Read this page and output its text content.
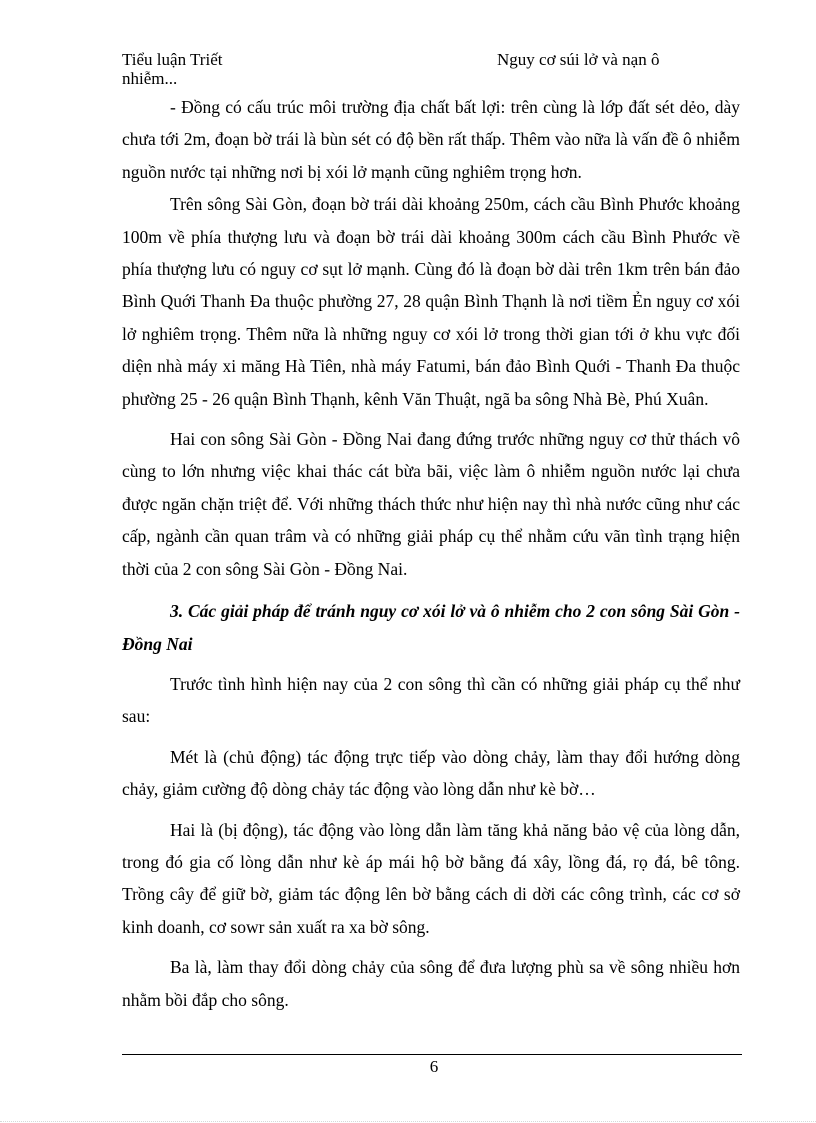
Tiểu luận Triết	Nguy cơ súi lở và nạn ô
nhiễm...

- Đồng có cấu trúc môi trường địa chất bất lợi: trên cùng là lớp đất sét dẻo, dày chưa tới 2m, đoạn bờ trái là bùn sét có độ bền rất thấp. Thêm vào nữa là vấn đề ô nhiễm nguồn nước tại những nơi bị xói lở mạnh cũng nghiêm trọng hơn.

Trên sông Sài Gòn, đoạn bờ trái dài khoảng 250m, cách cầu Bình Phước khoảng 100m về phía thượng lưu và đoạn bờ trái dài khoảng 300m cách cầu Bình Phước về phía thượng lưu có nguy cơ sụt lở mạnh. Cùng đó là đoạn bờ dài trên 1km trên bán đảo Bình Quới Thanh Đa thuộc phường 27, 28 quận Bình Thạnh là nơi tiềm Ẻn nguy cơ xói lở nghiêm trọng. Thêm nữa là những nguy cơ xói lở trong thời gian tới ở khu vực đối diện nhà máy xi măng Hà Tiên, nhà máy Fatumi, bán đảo Bình Quới - Thanh Đa thuộc phường 25 - 26 quận Bình Thạnh, kênh Văn Thuật, ngã ba sông Nhà Bè, Phú Xuân.

Hai con sông Sài Gòn - Đồng Nai đang đứng trước những nguy cơ thử thách vô cùng to lớn nhưng việc khai thác cát bừa bãi, việc làm ô nhiễm nguồn nước lại chưa được ngăn chặn triệt để. Với những thách thức như hiện nay thì nhà nước cũng như các cấp, ngành cần quan trâm và có những giải pháp cụ thể nhằm cứu vãn tình trạng hiện thời của 2 con sông Sài Gòn - Đồng Nai.

3. Các giải pháp để tránh nguy cơ xói lở và ô nhiễm cho 2 con sông Sài Gòn - Đồng Nai

Trước tình hình hiện nay của 2 con sông thì cần có những giải pháp cụ thể như sau:

Mét là (chủ động) tác động trực tiếp vào dòng chảy, làm thay đổi hướng dòng chảy, giảm cường độ dòng chảy tác động vào lòng dẫn như kè bờ…

Hai là (bị động), tác động vào lòng dẫn làm tăng khả năng bảo vệ của lòng dẫn, trong đó gia cố lòng dẫn như kè áp mái hộ bờ bằng đá xây, lồng đá, rọ đá, bê tông. Trồng cây để giữ bờ, giảm tác động lên bờ bằng cách di dời các công trình, các cơ sở kinh doanh, cơ sowr sản xuất ra xa bờ sông.

Ba là, làm thay đổi dòng chảy của sông để đưa lượng phù sa về sông nhiều hơn nhằm bồi đắp cho sông.

6
